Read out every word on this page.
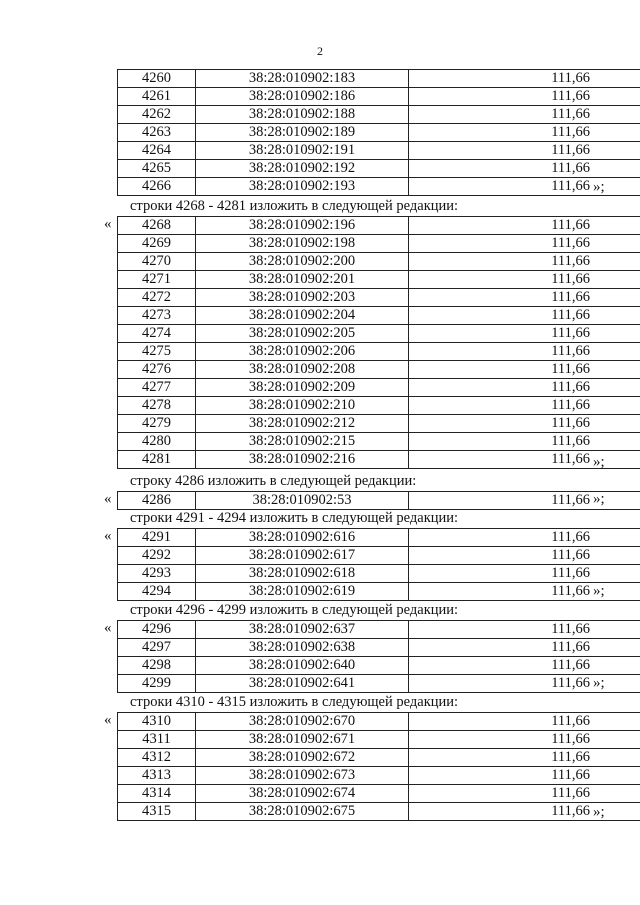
2
4260	38:28:010902:183	111,66
4261	38:28:010902:186	111,66
4262	38:28:010902:188	111,66
4263	38:28:010902:189	111,66
4264	38:28:010902:191	111,66
4265	38:28:010902:192	111,66
4266	38:28:010902:193	111,66 »;
строки 4268 - 4281 изложить в следующей редакции:
« 4268	38:28:010902:196	111,66
4269	38:28:010902:198	111,66
4270	38:28:010902:200	111,66
4271	38:28:010902:201	111,66
4272	38:28:010902:203	111,66
4273	38:28:010902:204	111,66
4274	38:28:010902:205	111,66
4275	38:28:010902:206	111,66
4276	38:28:010902:208	111,66
4277	38:28:010902:209	111,66
4278	38:28:010902:210	111,66
4279	38:28:010902:212	111,66
4280	38:28:010902:215	111,66
4281	38:28:010902:216	111,66 »;
строку 4286 изложить в следующей редакции:
« 4286	38:28:010902:53	111,66 »;
строки 4291 - 4294 изложить в следующей редакции:
« 4291	38:28:010902:616	111,66
4292	38:28:010902:617	111,66
4293	38:28:010902:618	111,66
4294	38:28:010902:619	111,66 »;
строки 4296 - 4299 изложить в следующей редакции:
« 4296	38:28:010902:637	111,66
4297	38:28:010902:638	111,66
4298	38:28:010902:640	111,66
4299	38:28:010902:641	111,66 »;
строки 4310 - 4315 изложить в следующей редакции:
« 4310	38:28:010902:670	111,66
4311	38:28:010902:671	111,66
4312	38:28:010902:672	111,66
4313	38:28:010902:673	111,66
4314	38:28:010902:674	111,66
4315	38:28:010902:675	111,66 »;
